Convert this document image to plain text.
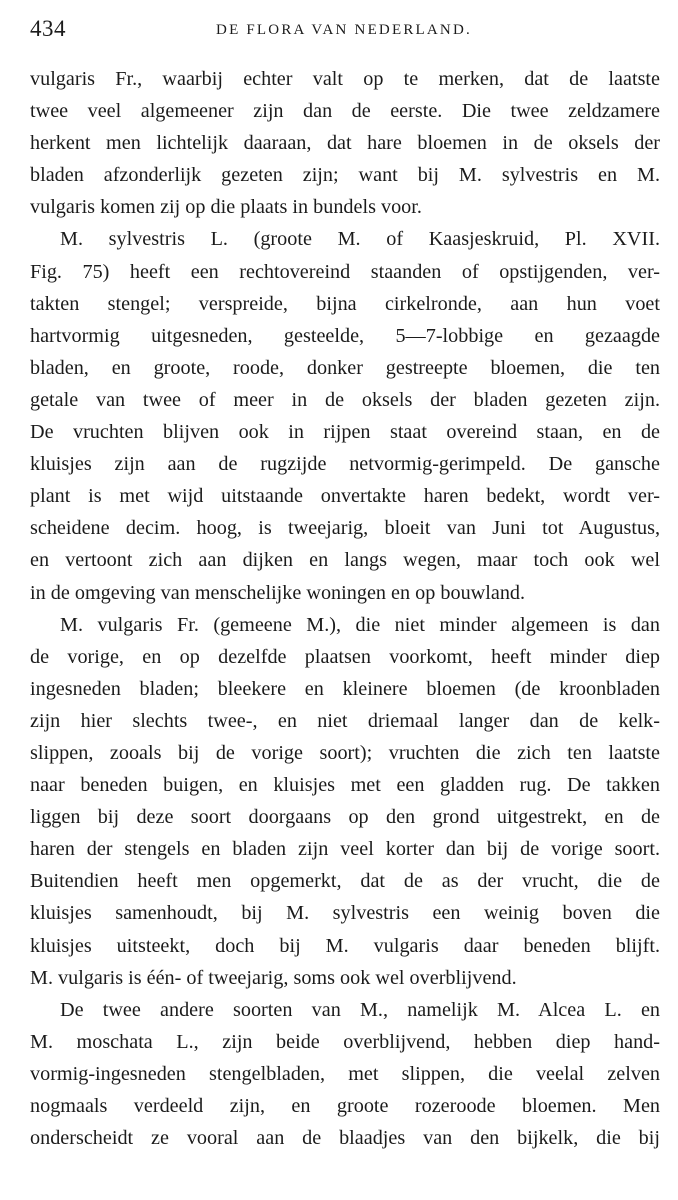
434	DE FLORA VAN NEDERLAND.
vulgaris Fr., waarbij echter valt op te merken, dat de laatste
twee veel algemeener zijn dan de eerste. Die twee zeldzamere
herkent men lichtelijk daaraan, dat hare bloemen in de oksels der
bladen afzonderlijk gezeten zijn; want bij M. sylvestris en M.
vulgaris komen zij op die plaats in bundels voor.
M. sylvestris L. (groote M. of Kaasjeskruid, Pl. XVII.
Fig. 75) heeft een rechtovereind staanden of opstijgenden, ver-
takten stengel; verspreide, bijna cirkelronde, aan hun voet
hartvormig uitgesneden, gesteelde, 5—7-lobbige en gezaagde
bladen, en groote, roode, donker gestreepte bloemen, die ten
getale van twee of meer in de oksels der bladen gezeten zijn.
De vruchten blijven ook in rijpen staat overeind staan, en de
kluisjes zijn aan de rugzijde netvormig-gerimpeld. De gansche
plant is met wijd uitstaande onvertakte haren bedekt, wordt ver-
scheidene decim. hoog, is tweejarig, bloeit van Juni tot Augustus,
en vertoont zich aan dijken en langs wegen, maar toch ook wel
in de omgeving van menschelijke woningen en op bouwland.
M. vulgaris Fr. (gemeene M.), die niet minder algemeen is dan
de vorige, en op dezelfde plaatsen voorkomt, heeft minder diep
ingesneden bladen; bleekere en kleinere bloemen (de kroonbladen
zijn hier slechts twee-, en niet driemaal langer dan de kelk-
slippen, zooals bij de vorige soort); vruchten die zich ten laatste
naar beneden buigen, en kluisjes met een gladden rug. De takken
liggen bij deze soort doorgaans op den grond uitgestrekt, en de
haren der stengels en bladen zijn veel korter dan bij de vorige soort.
Buitendien heeft men opgemerkt, dat de as der vrucht, die de
kluisjes samenhoudt, bij M. sylvestris een weinig boven die
kluisjes uitsteekt, doch bij M. vulgaris daar beneden blijft.
M. vulgaris is één- of tweejarig, soms ook wel overblijvend.
De twee andere soorten van M., namelijk M. Alcea L. en
M. moschata L., zijn beide overblijvend, hebben diep hand-
vormig-ingesneden stengelbladen, met slippen, die veelal zelven
nogmaals verdeeld zijn, en groote rozeroode bloemen. Men
onderscheidt ze vooral aan de blaadjes van den bijkelk, die bij
